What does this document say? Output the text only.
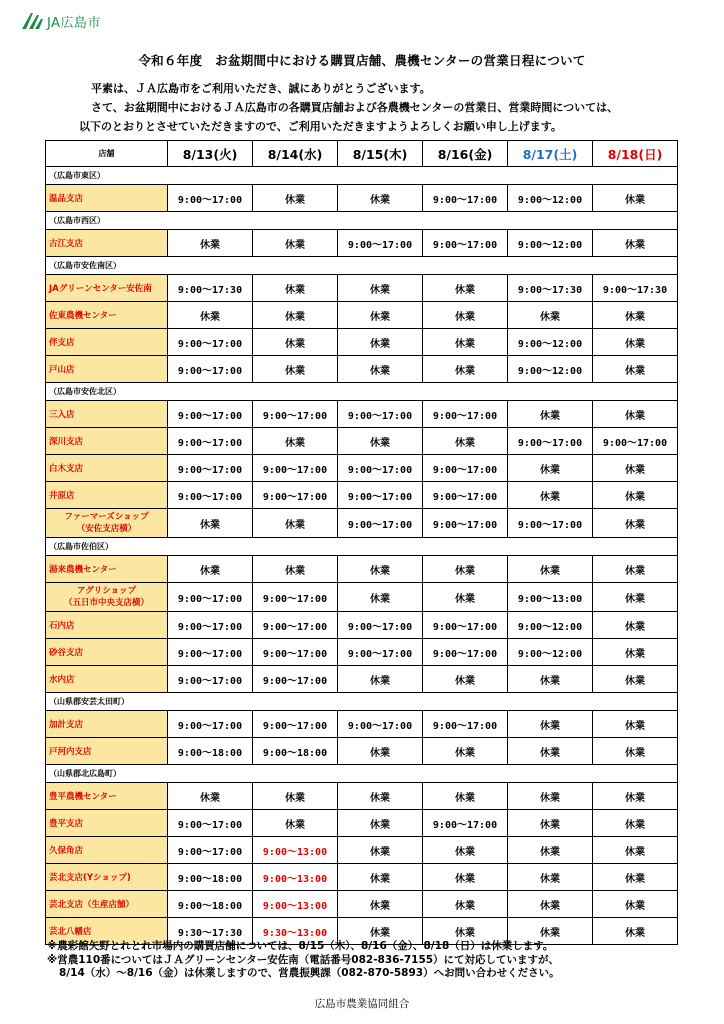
JA広島市
令和６年度　お盆期間中における購買店舗、農機センターの営業日程について
平素は、ＪＡ広島市をご利用いただき、誠にありがとうございます。
さて、お盆期間中におけるＪＡ広島市の各購買店舗および各農機センターの営業日、営業時間については、
以下のとおりとさせていただきますので、ご利用いただきますようよろしくお願い申し上げます。
店舗	8/13(火)	8/14(水)	8/15(木)	8/16(金)	8/17(土)	8/18(日)
（広島市東区）						

温品支店	9:00～17:00	休業	休業	9:00～17:00	9:00～12:00	休業
（広島市西区）						

古江支店	休業	休業	9:00～17:00	9:00～17:00	9:00～12:00	休業
（広島市安佐南区）						

JAグリーンセンター安佐南	9:00～17:30	休業	休業	休業	9:00～17:30	9:00～17:30

佐東農機センター	休業	休業	休業	休業	休業	休業

伴支店	9:00～17:00	休業	休業	休業	9:00～12:00	休業

戸山店	9:00～17:00	休業	休業	休業	9:00～12:00	休業
（広島市安佐北区）						

三入店	9:00～17:00	9:00～17:00	9:00～17:00	9:00～17:00	休業	休業

深川支店	9:00～17:00	休業	休業	休業	9:00～17:00	9:00～17:00

白木支店	9:00～17:00	9:00～17:00	9:00～17:00	9:00～17:00	休業	休業

井原店	9:00～17:00	9:00～17:00	9:00～17:00	9:00～17:00	休業	休業

ファーマーズショップ
（安佐支店横）	休業	休業	9:00～17:00	9:00～17:00	9:00～17:00	休業
（広島市佐伯区）						

湯来農機センター	休業	休業	休業	休業	休業	休業

アグリショップ
（五日市中央支店横）	9:00～17:00	9:00～17:00	休業	休業	9:00～13:00	休業

石内店	9:00～17:00	9:00～17:00	9:00～17:00	9:00～17:00	9:00～12:00	休業

砂谷支店	9:00～17:00	9:00～17:00	9:00～17:00	9:00～17:00	9:00～12:00	休業

水内店	9:00～17:00	9:00～17:00	休業	休業	休業	休業
（山県郡安芸太田町）						

加計支店	9:00～17:00	9:00～17:00	9:00～17:00	9:00～17:00	休業	休業

戸河内支店	9:00～18:00	9:00～18:00	休業	休業	休業	休業
（山県郡北広島町）						

豊平農機センター	休業	休業	休業	休業	休業	休業

豊平支店	9:00～17:00	休業	休業	9:00～17:00	休業	休業

久保角店	9:00～17:00	9:00～13:00	休業	休業	休業	休業

芸北支店(Yショップ)	9:00～18:00	9:00～13:00	休業	休業	休業	休業

芸北支店（生産店舗）	9:00～18:00	9:00～13:00	休業	休業	休業	休業

芸北八幡店	9:30～17:30	9:30～13:00	休業	休業	休業	休業
※農彩館矢野とれとれ市場内の購買店舗については、8/15（木）、8/16（金）、8/18（日）は休業します。
※営農110番についてはＪＡグリーンセンター安佐南（電話番号082-836-7155）にて対応していますが、
8/14（水）～8/16（金）は休業しますので、営農振興課（082-870-5893）へお問い合わせください。
広島市農業協同組合
